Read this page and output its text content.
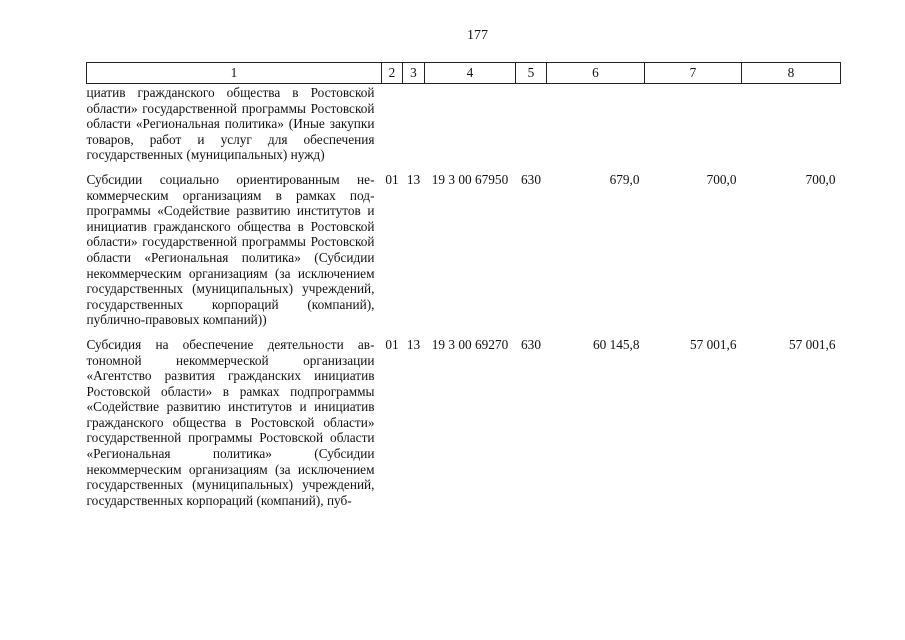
177
1	2	3	4	5	6	7	8
циатив гражданского общества в Ростовской области» государственной программы Ростовской области «Региональная политика» (Иные закупки товаров, работ и услуг для обеспечения государственных (муниципальных) нужд)							
Субсидии социально ориентированным некоммерческим организациям в рамках подпрограммы «Содействие развитию институтов и инициатив гражданского общества в Ростовской области» государственной программы Ростовской области «Региональная политика» (Субсидии некоммерческим организациям (за исключением государственных (муниципальных) учреждений, государственных корпораций (компаний), публично-правовых компаний))	01	13	19 3 00 67950	630	679,0	700,0	700,0
Субсидия на обеспечение деятельности автономной некоммерческой организации «Агентство развития гражданских инициатив Ростовской области» в рамках подпрограммы «Содействие развитию институтов и инициатив гражданского общества в Ростовской области» государственной программы Ростовской области «Региональная политика» (Субсидии некоммерческим организациям (за исключением государственных (муниципальных) учреждений, государственных корпораций (компаний), пуб-	01	13	19 3 00 69270	630	60 145,8	57 001,6	57 001,6
